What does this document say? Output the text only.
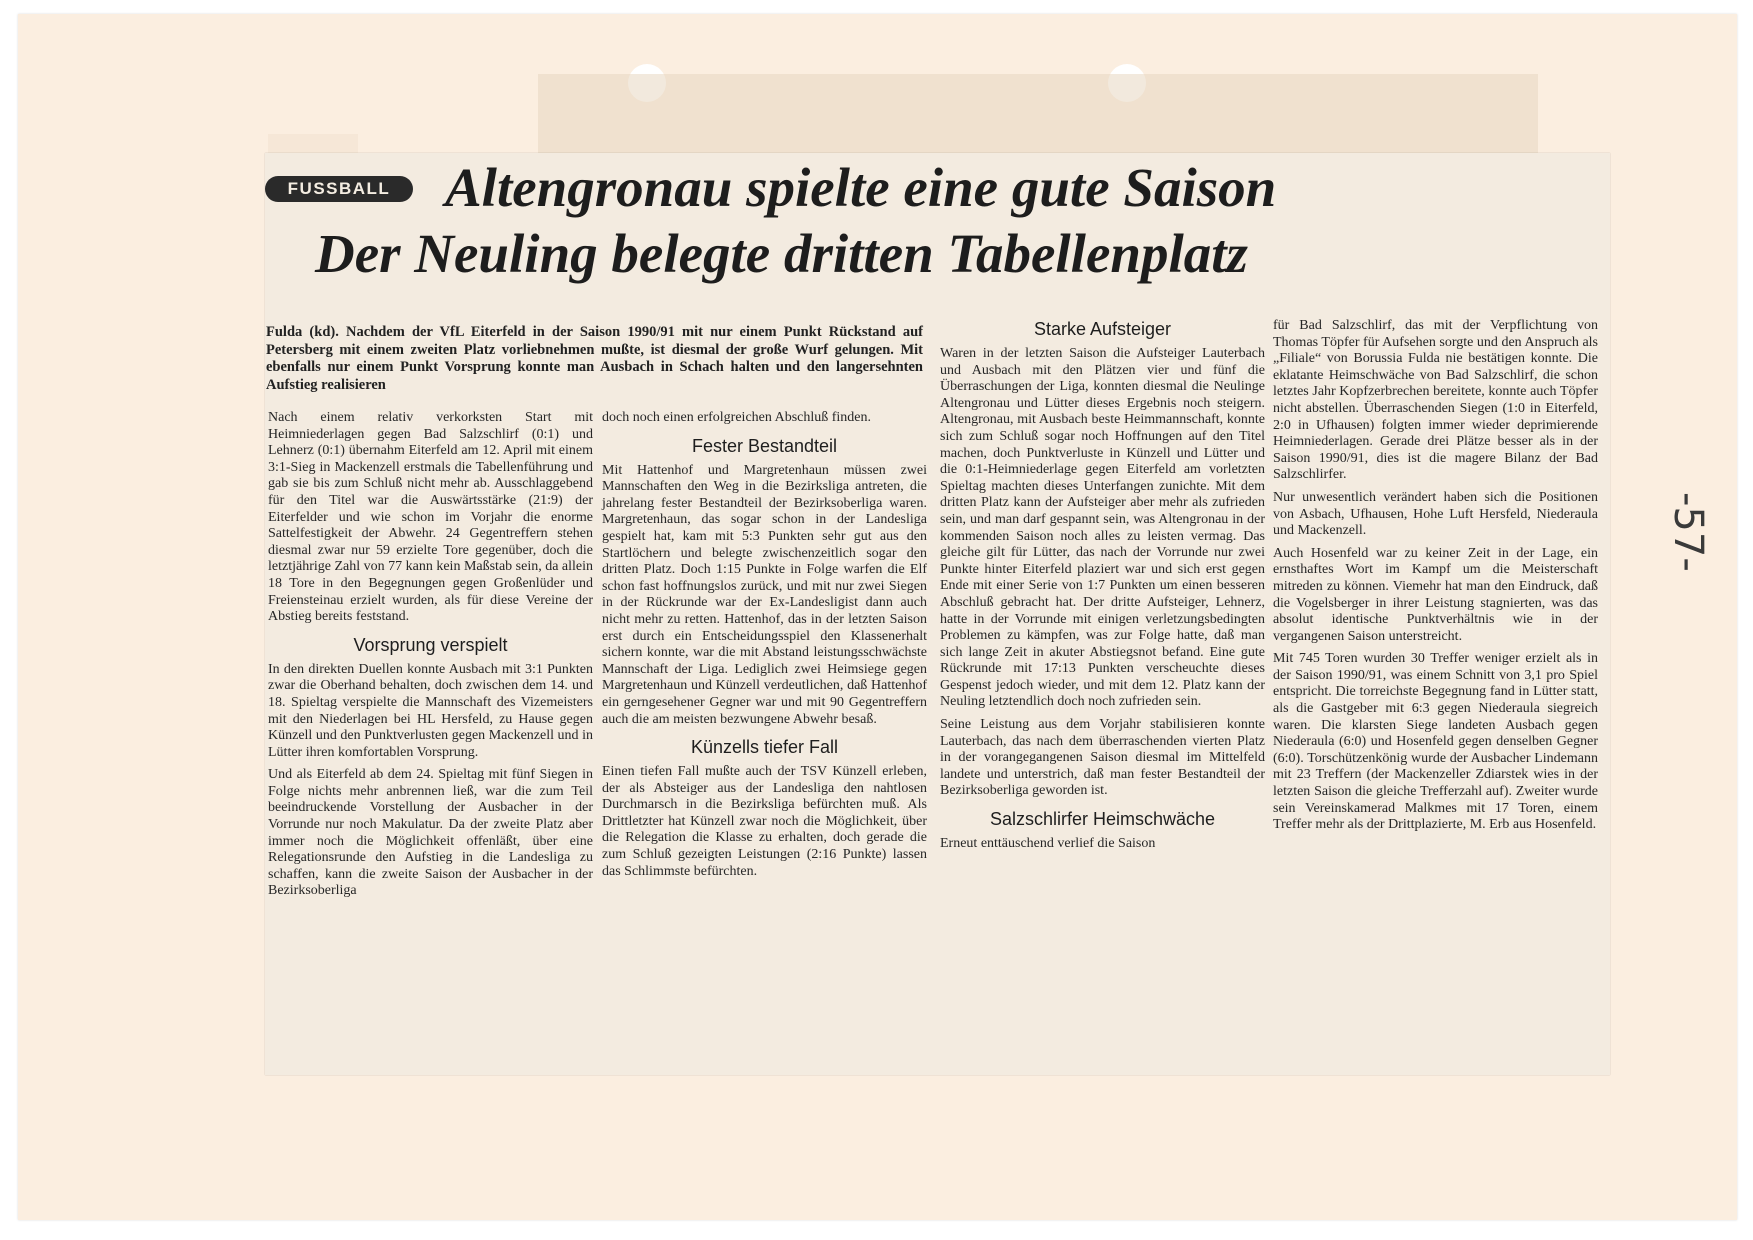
FUSSBALL Altengronau spielte eine gute Saison
Der Neuling belegte dritten Tabellenplatz

Fulda (kd). Nachdem der VfL Eiterfeld in der Saison 1990/91 mit nur einem Punkt Rückstand auf Petersberg mit einem zweiten Platz vorliebnehmen mußte, ist diesmal der große Wurf gelungen. Mit ebenfalls nur einem Punkt Vorsprung konnte man Ausbach in Schach halten und den langersehnten Aufstieg realisieren

Nach einem relativ verkorksten Start mit Heimniederlagen gegen Bad Salzschlirf (0:1) und Lehnerz (0:1) übernahm Eiterfeld am 12. April mit einem 3:1-Sieg in Mackenzell erstmals die Tabellenführung und gab sie bis zum Schluß nicht mehr ab. Ausschlaggebend für den Titel war die Auswärtsstärke (21:9) der Eiterfelder und wie schon im Vorjahr die enorme Sattelfestigkeit der Abwehr. 24 Gegentreffern stehen diesmal zwar nur 59 erzielte Tore gegenüber, doch die letztjährige Zahl von 77 kann kein Maßstab sein, da allein 18 Tore in den Begegnungen gegen Großenlüder und Freiensteinau erzielt wurden, als für diese Vereine der Abstieg bereits feststand.

Vorsprung verspielt

In den direkten Duellen konnte Ausbach mit 3:1 Punkten zwar die Oberhand behalten, doch zwischen dem 14. und 18. Spieltag verspielte die Mannschaft des Vizemeisters mit den Niederlagen bei HL Hersfeld, zu Hause gegen Künzell und den Punktverlusten gegen Mackenzell und in Lütter ihren komfortablen Vorsprung.

Und als Eiterfeld ab dem 24. Spieltag mit fünf Siegen in Folge nichts mehr anbrennen ließ, war die zum Teil beeindruckende Vorstellung der Ausbacher in der Vorrunde nur noch Makulatur. Da der zweite Platz aber immer noch die Möglichkeit offenläßt, über eine Relegationsrunde den Aufstieg in die Landesliga zu schaffen, kann die zweite Saison der Ausbacher in der Bezirksoberliga

doch noch einen erfolgreichen Abschluß finden.

Fester Bestandteil

Mit Hattenhof und Margretenhaun müssen zwei Mannschaften den Weg in die Bezirksliga antreten, die jahrelang fester Bestandteil der Bezirksoberliga waren. Margretenhaun, das sogar schon in der Landesliga gespielt hat, kam mit 5:3 Punkten sehr gut aus den Startlöchern und belegte zwischenzeitlich sogar den dritten Platz. Doch 1:15 Punkte in Folge warfen die Elf schon fast hoffnungslos zurück, und mit nur zwei Siegen in der Rückrunde war der Ex-Landesligist dann auch nicht mehr zu retten. Hattenhof, das in der letzten Saison erst durch ein Entscheidungsspiel den Klassenerhalt sichern konnte, war die mit Abstand leistungsschwächste Mannschaft der Liga. Lediglich zwei Heimsiege gegen Margretenhaun und Künzell verdeutlichen, daß Hattenhof ein gerngesehener Gegner war und mit 90 Gegentreffern auch die am meisten bezwungene Abwehr besaß.

Künzells tiefer Fall

Einen tiefen Fall mußte auch der TSV Künzell erleben, der als Absteiger aus der Landesliga den nahtlosen Durchmarsch in die Bezirksliga befürchten muß. Als Drittletzter hat Künzell zwar noch die Möglichkeit, über die Relegation die Klasse zu erhalten, doch gerade die zum Schluß gezeigten Leistungen (2:16 Punkte) lassen das Schlimmste befürchten.

Starke Aufsteiger

Waren in der letzten Saison die Aufsteiger Lauterbach und Ausbach mit den Plätzen vier und fünf die Überraschungen der Liga, konnten diesmal die Neulinge Altengronau und Lütter dieses Ergebnis noch steigern. Altengronau, mit Ausbach beste Heimmannschaft, konnte sich zum Schluß sogar noch Hoffnungen auf den Titel machen, doch Punktverluste in Künzell und Lütter und die 0:1-Heimniederlage gegen Eiterfeld am vorletzten Spieltag machten dieses Unterfangen zunichte. Mit dem dritten Platz kann der Aufsteiger aber mehr als zufrieden sein, und man darf gespannt sein, was Altengronau in der kommenden Saison noch alles zu leisten vermag. Das gleiche gilt für Lütter, das nach der Vorrunde nur zwei Punkte hinter Eiterfeld plaziert war und sich erst gegen Ende mit einer Serie von 1:7 Punkten um einen besseren Abschluß gebracht hat. Der dritte Aufsteiger, Lehnerz, hatte in der Vorrunde mit einigen verletzungsbedingten Problemen zu kämpfen, was zur Folge hatte, daß man sich lange Zeit in akuter Abstiegsnot befand. Eine gute Rückrunde mit 17:13 Punkten verscheuchte dieses Gespenst jedoch wieder, und mit dem 12. Platz kann der Neuling letztendlich doch noch zufrieden sein.

Seine Leistung aus dem Vorjahr stabilisieren konnte Lauterbach, das nach dem überraschenden vierten Platz in der vorangegangenen Saison diesmal im Mittelfeld landete und unterstrich, daß man fester Bestandteil der Bezirksoberliga geworden ist.

Salzschlirfer Heimschwäche

Erneut enttäuschend verlief die Saison

für Bad Salzschlirf, das mit der Verpflichtung von Thomas Töpfer für Aufsehen sorgte und den Anspruch als „Filiale“ von Borussia Fulda nie bestätigen konnte. Die eklatante Heimschwäche von Bad Salzschlirf, die schon letztes Jahr Kopfzerbrechen bereitete, konnte auch Töpfer nicht abstellen. Überraschenden Siegen (1:0 in Eiterfeld, 2:0 in Ufhausen) folgten immer wieder deprimierende Heimniederlagen. Gerade drei Plätze besser als in der Saison 1990/91, dies ist die magere Bilanz der Bad Salzschlirfer.

Nur unwesentlich verändert haben sich die Positionen von Asbach, Ufhausen, Hohe Luft Hersfeld, Niederaula und Mackenzell.

Auch Hosenfeld war zu keiner Zeit in der Lage, ein ernsthaftes Wort im Kampf um die Meisterschaft mitreden zu können. Viemehr hat man den Eindruck, daß die Vogelsberger in ihrer Leistung stagnierten, was das absolut identische Punktverhältnis wie in der vergangenen Saison unterstreicht.

Mit 745 Toren wurden 30 Treffer weniger erzielt als in der Saison 1990/91, was einem Schnitt von 3,1 pro Spiel entspricht. Die torreichste Begegnung fand in Lütter statt, als die Gastgeber mit 6:3 gegen Niederaula siegreich waren. Die klarsten Siege landeten Ausbach gegen Niederaula (6:0) und Hosenfeld gegen denselben Gegner (6:0). Torschützenkönig wurde der Ausbacher Lindemann mit 23 Treffern (der Mackenzeller Zdiarstek wies in der letzten Saison die gleiche Trefferzahl auf). Zweiter wurde sein Vereinskamerad Malkmes mit 17 Toren, einem Treffer mehr als der Drittplazierte, M. Erb aus Hosenfeld.

-57-
